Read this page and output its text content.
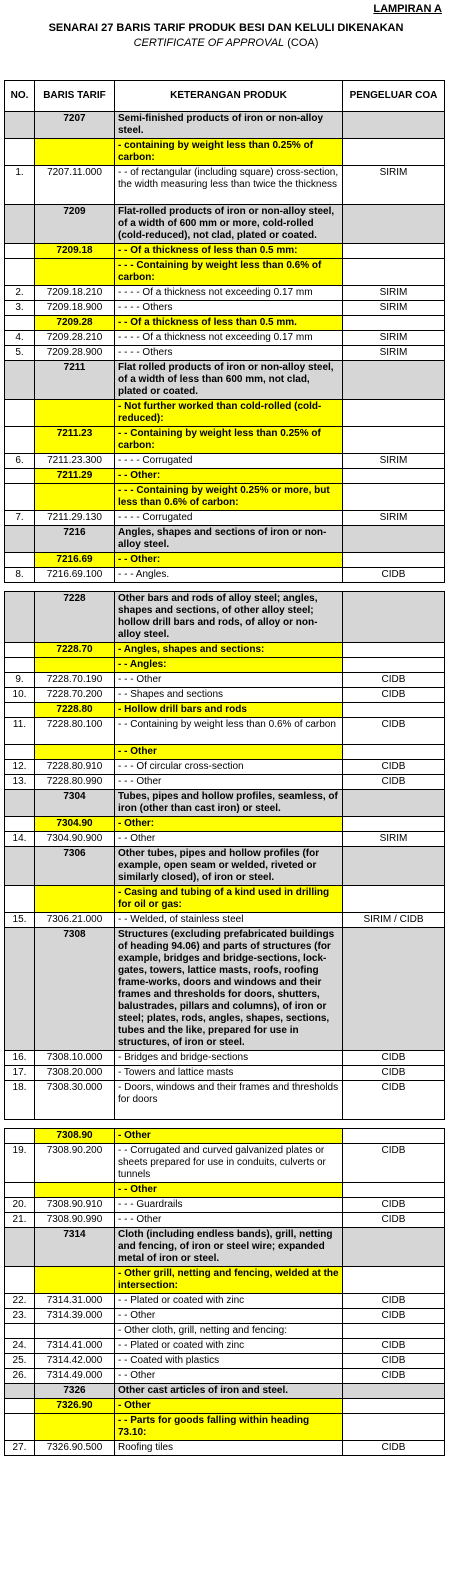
LAMPIRAN A
SENARAI 27 BARIS TARIF PRODUK BESI DAN KELULI DIKENAKAN
CERTIFICATE OF APPROVAL (COA)
NO.	BARIS TARIF	KETERANGAN PRODUK	PENGELUAR COA
	7207	Semi-finished products of iron or non-alloy steel.	
		- containing by weight less than 0.25% of carbon:	
1.	7207.11.000	- - of rectangular (including square) cross-section, the width measuring less than twice the thickness	SIRIM
	7209	Flat-rolled products of iron or non-alloy steel, of a width of 600 mm or more, cold-rolled (cold-reduced), not clad, plated or coated.	
	7209.18	- - Of a thickness of less than 0.5 mm:	
		- - - Containing by weight less than 0.6% of carbon:	
2.	7209.18.210	- - - - Of a thickness not exceeding 0.17 mm	SIRIM
3.	7209.18.900	- - - - Others	SIRIM
	7209.28	- - Of a thickness of less than 0.5 mm.	
4.	7209.28.210	- - - - Of a thickness not exceeding 0.17 mm	SIRIM
5.	7209.28.900	- - - - Others	SIRIM
	7211	Flat rolled products of iron or non-alloy steel, of a width of less than 600 mm, not clad, plated or coated.	
		- Not further worked than cold-rolled (cold-reduced):	
	7211.23	- - Containing by weight less than 0.25% of carbon:	
6.	7211.23.300	- - - - Corrugated	SIRIM
	7211.29	- - Other:	
		- - - Containing by weight 0.25% or more, but less than 0.6% of carbon:	
7.	7211.29.130	- - - - Corrugated	SIRIM
	7216	Angles, shapes and sections of iron or non-alloy steel.	
	7216.69	- - Other:	
8.	7216.69.100	- - - Angles.	CIDB

	7228	Other bars and rods of alloy steel; angles, shapes and sections, of other alloy steel; hollow drill bars and rods, of alloy or non-alloy steel.	
	7228.70	- Angles, shapes and sections:	
		- - Angles:	
9.	7228.70.190	- - - Other	CIDB
10.	7228.70.200	- - Shapes and sections	CIDB
	7228.80	- Hollow drill bars and rods	
11.	7228.80.100	- - Containing by weight less than 0.6% of carbon	CIDB
		- - Other	
12.	7228.80.910	- - - Of circular cross-section	CIDB
13.	7228.80.990	- - - Other	CIDB
	7304	Tubes, pipes and hollow profiles, seamless, of iron (other than cast iron) or steel.	
	7304.90	- Other:	
14.	7304.90.900	- - Other	SIRIM
	7306	Other tubes, pipes and hollow profiles (for example, open seam or welded, riveted or similarly closed), of iron or steel.	
		- Casing and tubing of a kind used in drilling for oil or gas:	
15.	7306.21.000	- - Welded, of stainless steel	SIRIM / CIDB
	7308	Structures (excluding prefabricated buildings of heading 94.06) and parts of structures (for example, bridges and bridge-sections, lock-gates, towers, lattice masts, roofs, roofing frame-works, doors and windows and their frames and thresholds for doors, shutters, balustrades, pillars and columns), of iron or steel; plates, rods, angles, shapes, sections, tubes and the like, prepared for use in structures, of iron or steel.	
16.	7308.10.000	- Bridges and bridge-sections	CIDB
17.	7308.20.000	- Towers and lattice masts	CIDB
18.	7308.30.000	- Doors, windows and their frames and thresholds for doors	CIDB

	7308.90	- Other	
19.	7308.90.200	- - Corrugated and curved galvanized plates or sheets prepared for use in conduits, culverts or tunnels	CIDB
		- - Other	
20.	7308.90.910	- - - Guardrails	CIDB
21.	7308.90.990	- - - Other	CIDB
	7314	Cloth (including endless bands), grill, netting and fencing, of iron or steel wire; expanded metal of iron or steel.	
		- Other grill, netting and fencing, welded at the intersection:	
22.	7314.31.000	- - Plated or coated with zinc	CIDB
23.	7314.39.000	- - Other	CIDB
		- Other cloth, grill, netting and fencing:	
24.	7314.41.000	- - Plated or coated with zinc	CIDB
25.	7314.42.000	- - Coated with plastics	CIDB
26.	7314.49.000	- - Other	CIDB
	7326	Other cast articles of iron and steel.	
	7326.90	- Other	
		- - Parts for goods falling within heading 73.10:	
27.	7326.90.500	Roofing tiles	CIDB
